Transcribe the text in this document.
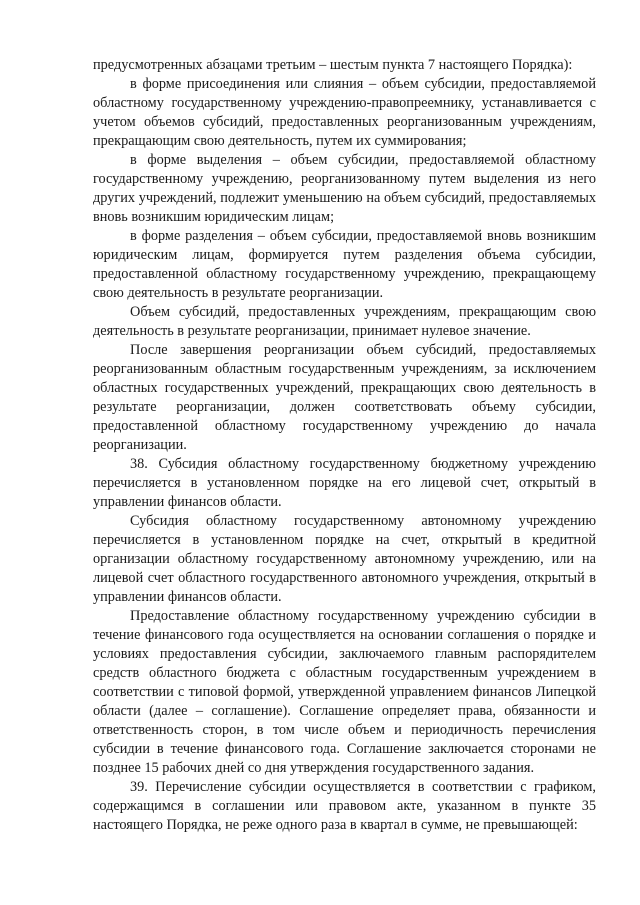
предусмотренных абзацами третьим – шестым пункта 7 настоящего Порядка):

в форме присоединения или слияния – объем субсидии, предоставляемой областному государственному учреждению-правопреемнику, устанавливается с учетом объемов субсидий, предоставленных реорганизованным учреждениям, прекращающим свою деятельность, путем их суммирования;

в форме выделения – объем субсидии, предоставляемой областному государственному учреждению, реорганизованному путем выделения из него других учреждений, подлежит уменьшению на объем субсидий, предоставляемых вновь возникшим юридическим лицам;

в форме разделения – объем субсидии, предоставляемой вновь возникшим юридическим лицам, формируется путем разделения объема субсидии, предоставленной областному государственному учреждению, прекращающему свою деятельность в результате реорганизации.

Объем субсидий, предоставленных учреждениям, прекращающим свою деятельность в результате реорганизации, принимает нулевое значение.

После завершения реорганизации объем субсидий, предоставляемых реорганизованным областным государственным учреждениям, за исключением областных государственных учреждений, прекращающих свою деятельность в результате реорганизации, должен соответствовать объему субсидии, предоставленной областному государственному учреждению до начала реорганизации.

38. Субсидия областному государственному бюджетному учреждению перечисляется в установленном порядке на его лицевой счет, открытый в управлении финансов области.

Субсидия областному государственному автономному учреждению перечисляется в установленном порядке на счет, открытый в кредитной организации областному государственному автономному учреждению, или на лицевой счет областного государственного автономного учреждения, открытый в управлении финансов области.

Предоставление областному государственному учреждению субсидии в течение финансового года осуществляется на основании соглашения о порядке и условиях предоставления субсидии, заключаемого главным распорядителем средств областного бюджета с областным государственным учреждением в соответствии с типовой формой, утвержденной управлением финансов Липецкой области (далее – соглашение). Соглашение определяет права, обязанности и ответственность сторон, в том числе объем и периодичность перечисления субсидии в течение финансового года. Соглашение заключается сторонами не позднее 15 рабочих дней со дня утверждения государственного задания.

39. Перечисление субсидии осуществляется в соответствии с графиком, содержащимся в соглашении или правовом акте, указанном в пункте 35 настоящего Порядка, не реже одного раза в квартал в сумме, не превышающей:
